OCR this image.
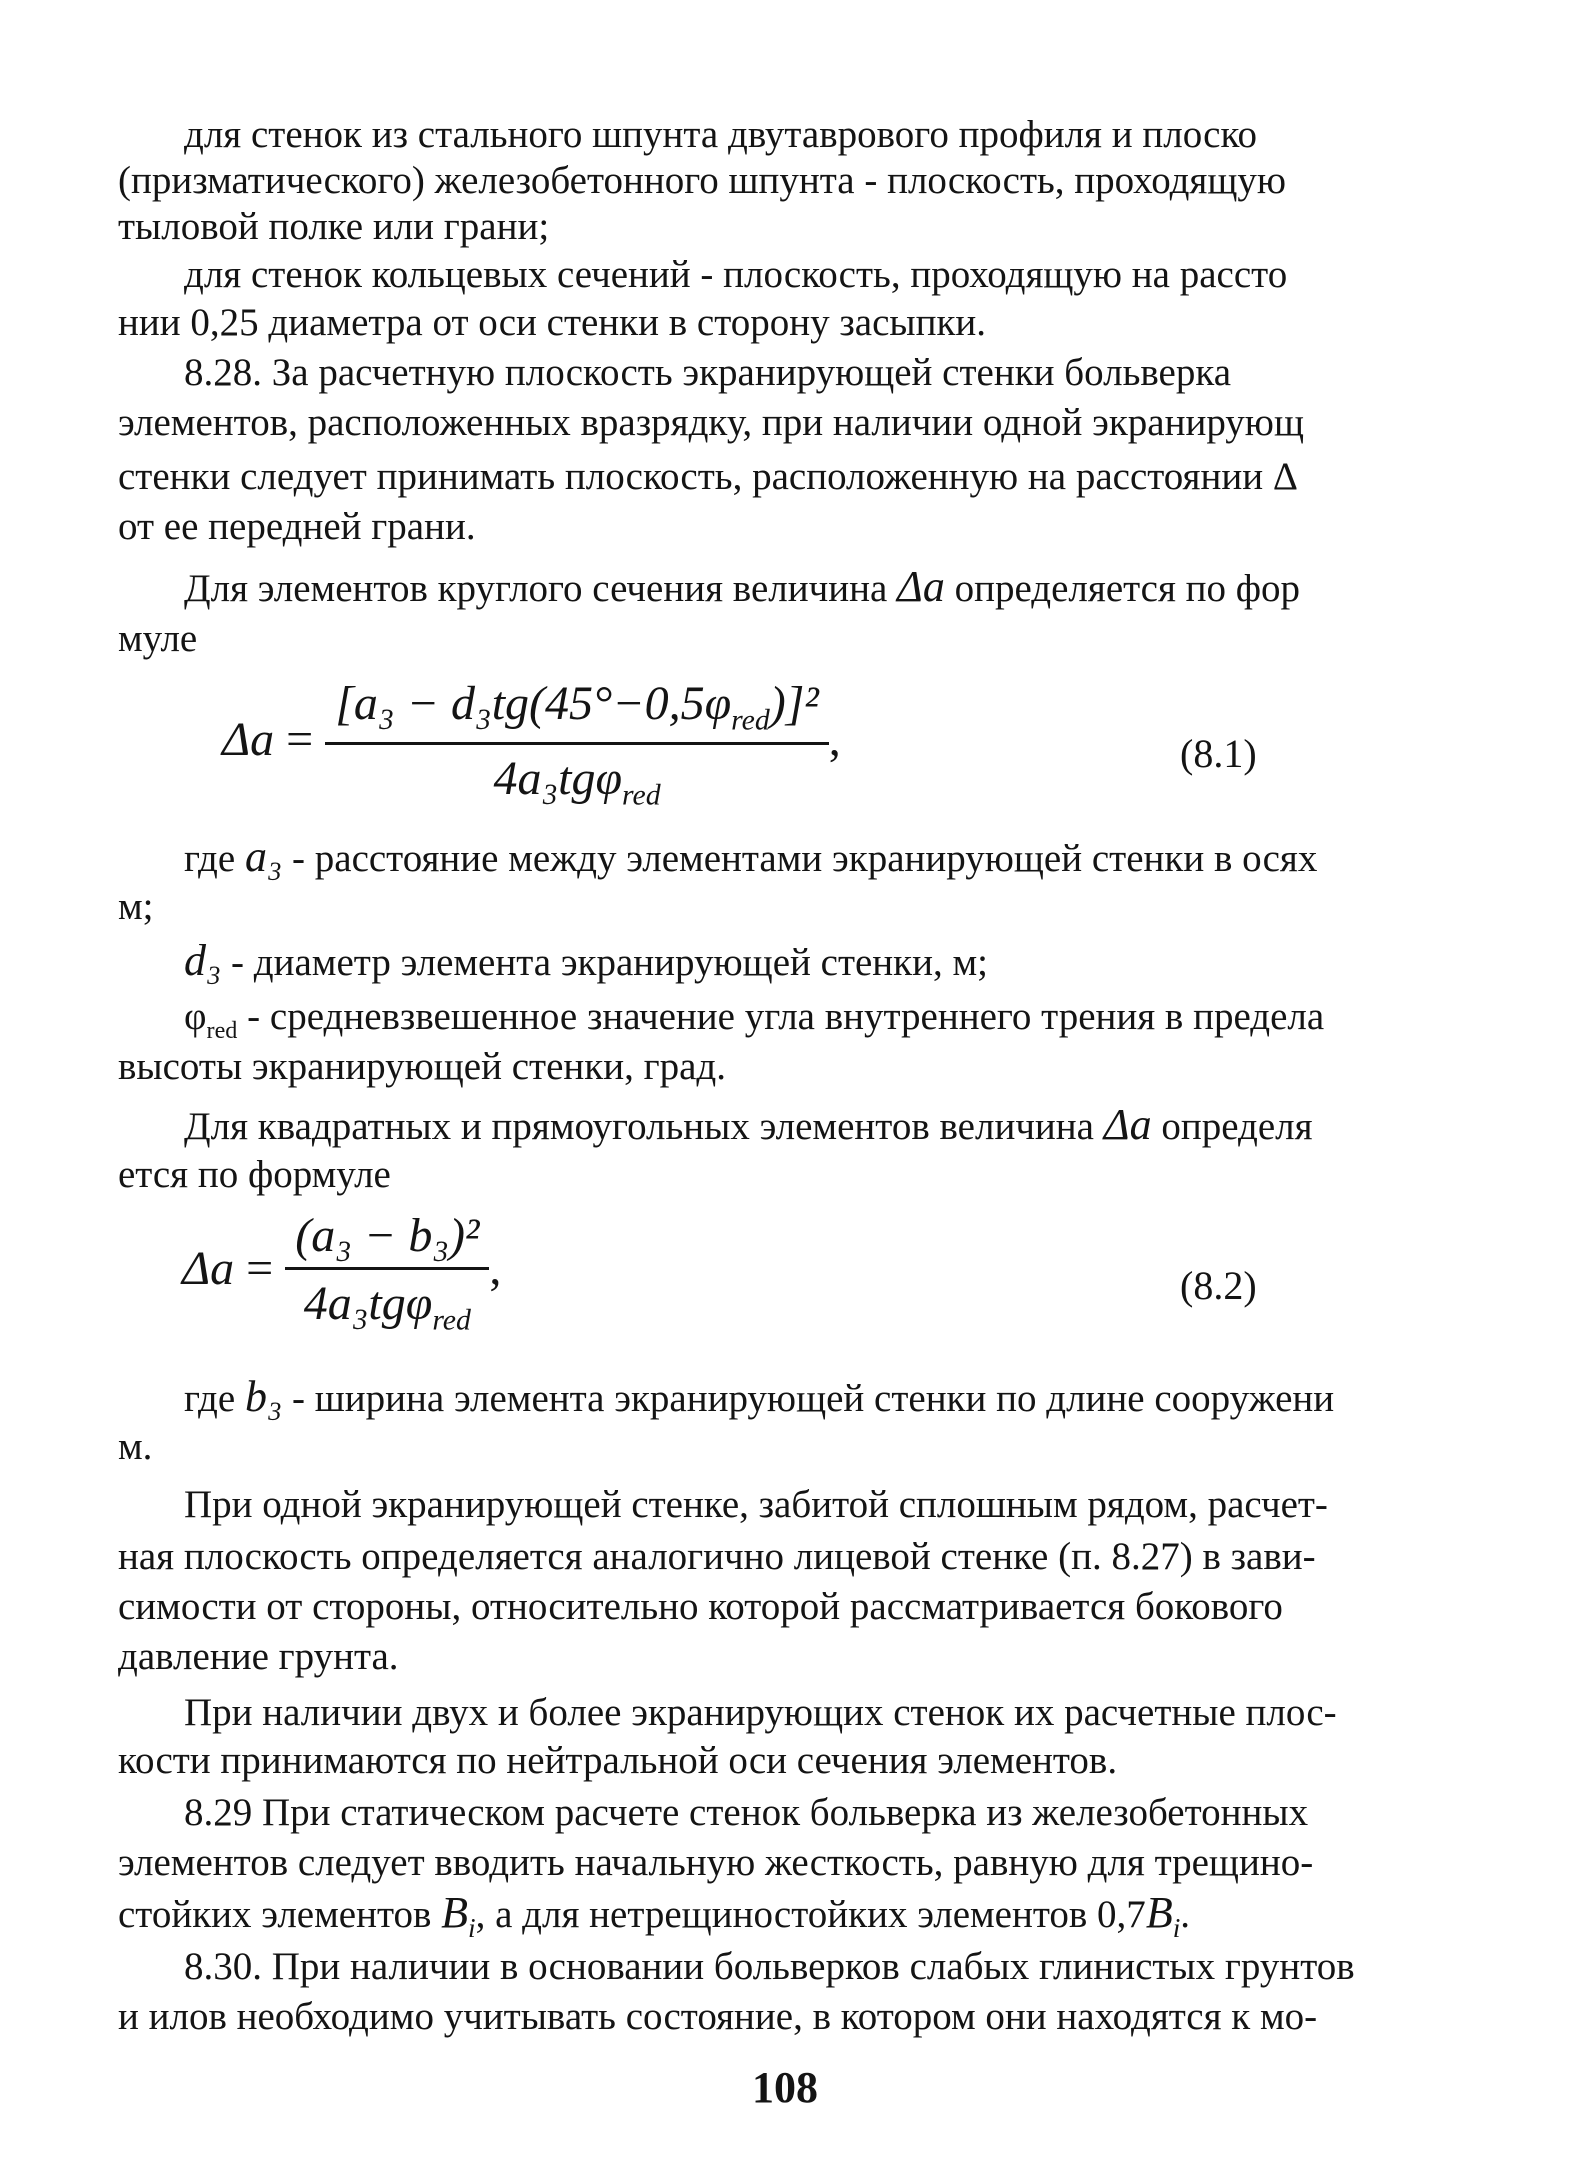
для стенок из стального шпунта двутаврового профиля и плоско
(призматического) железобетонного шпунта - плоскость, проходящую
тыловой полке или грани;
для стенок кольцевых сечений - плоскость, проходящую на рассто
нии 0,25 диаметра от оси стенки в сторону засыпки.
8.28. За расчетную плоскость экранирующей стенки больверка
элементов, расположенных вразрядку, при наличии одной экранирующ
стенки следует принимать плоскость, расположенную на расстоянии Δ
от ее передней грани.
Для элементов круглого сечения величина Δa определяется по фор
муле
$\Delta a = \frac{[a_3 - d_3tg(45^\circ-0,5\varphi_{red})]^2}{4a_3tg\varphi_{red}}$ ,	(8.1)
где a₃ - расстояние между элементами экранирующей стенки в осях
м;
d₃ - диаметр элемента экранирующей стенки, м;
$\varphi_{red}$ - средневзвешенное значение угла внутреннего трения в предела
высоты экранирующей стенки, град.
Для квадратных и прямоугольных элементов величина Δa определя
ется по формуле
$\Delta a = \frac{\text{(a₃ − b₃)²}}{4a_3tg\varphi_{red}}$ ,	(8.2)
где b₃ - ширина элемента экранирующей стенки по длине сооружени
м.
При одной экранирующей стенке, забитой сплошным рядом, расчет-
ная плоскость определяется аналогично лицевой стенке (п. 8.27) в зави-
симости от стороны, относительно которой рассматривается бокового
давление грунта.
При наличии двух и более экранирующих стенок их расчетные плос-
кости принимаются по нейтральной оси сечения элементов.
8.29 При статическом расчете стенок больверка из железобетонных
элементов следует вводить начальную жесткость, равную для трещино-
стойких элементов $B_i$, а для нетрещиностойких элементов $0,7B_i$.
8.30. При наличии в основании больверков слабых глинистых грунтов
и илов необходимо учитывать состояние, в котором они находятся к мо-
108
